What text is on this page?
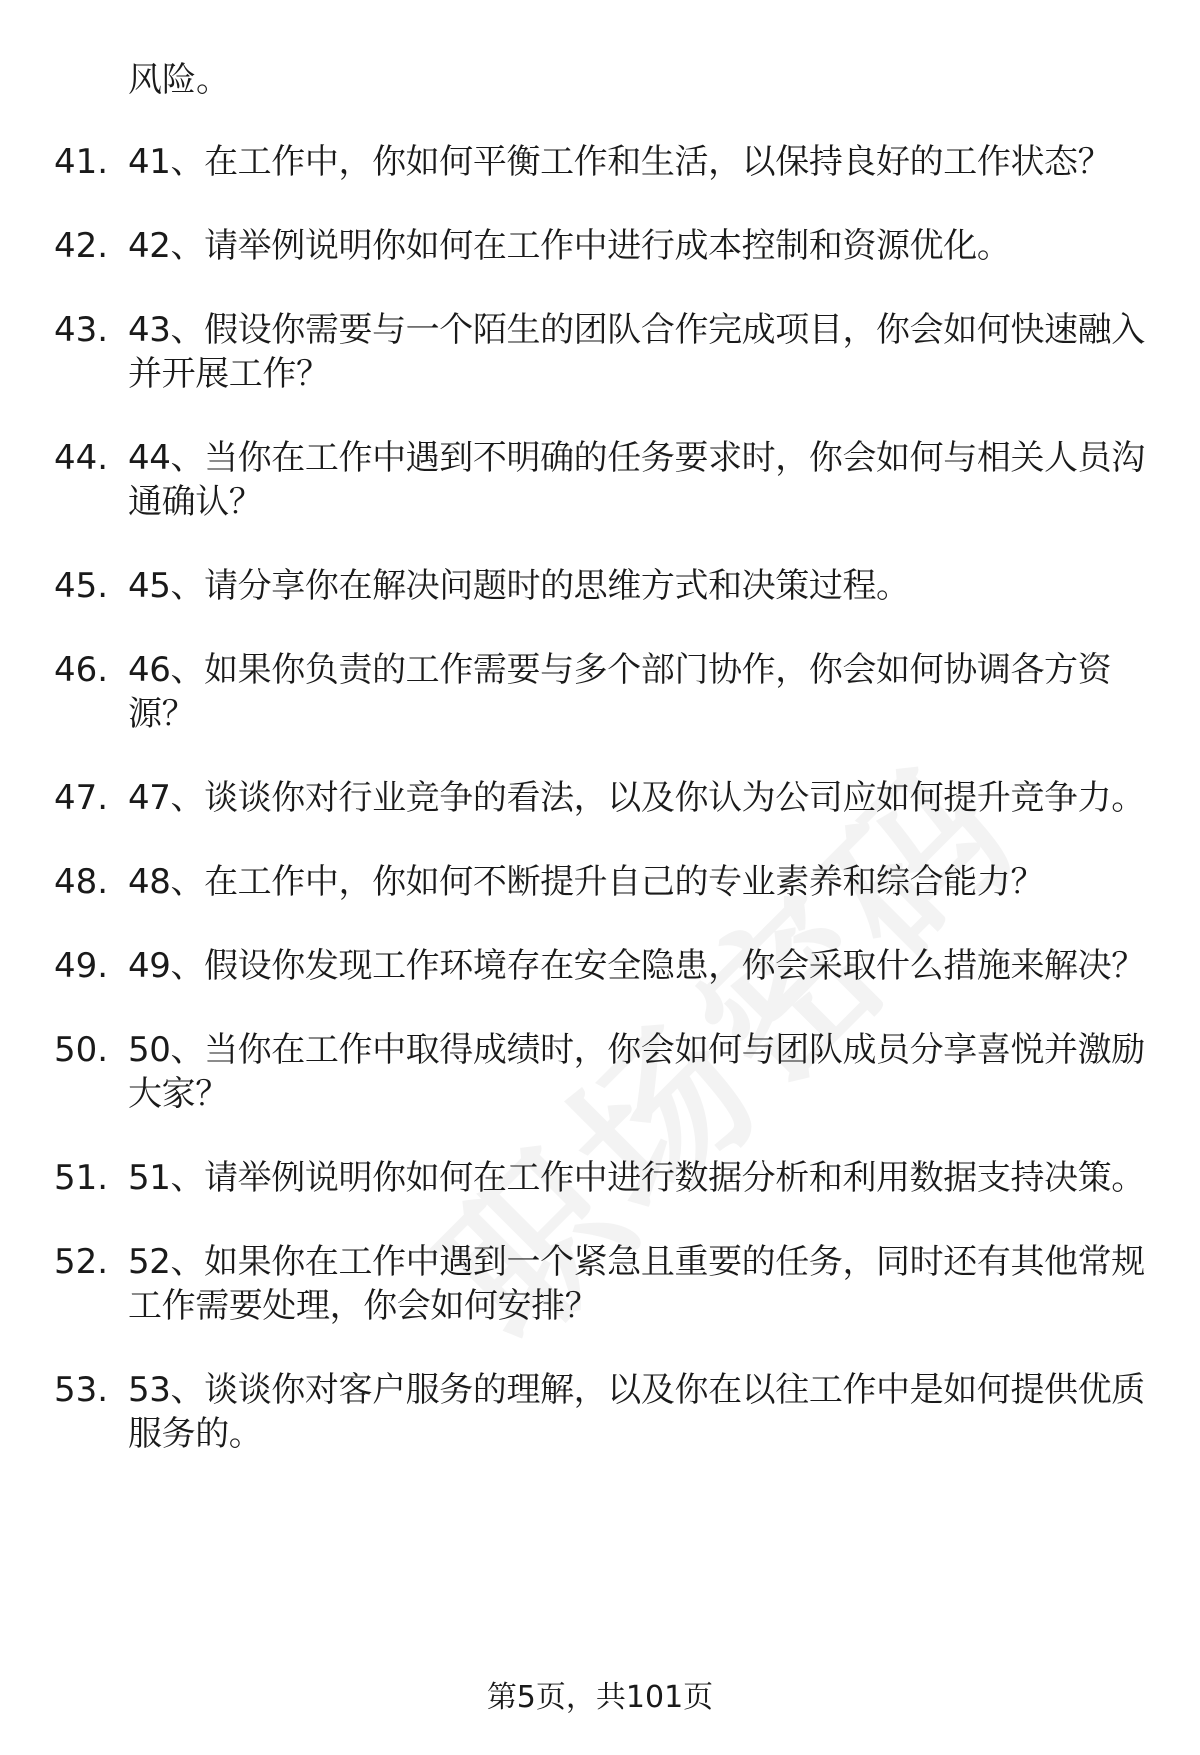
风险。
41. 41、在工作中，你如何平衡工作和生活，以保持良好的工作状态？
42. 42、请举例说明你如何在工作中进行成本控制和资源优化。
43. 43、假设你需要与一个陌生的团队合作完成项目，你会如何快速融入并开展工作？
44. 44、当你在工作中遇到不明确的任务要求时，你会如何与相关人员沟通确认？
45. 45、请分享你在解决问题时的思维方式和决策过程。
46. 46、如果你负责的工作需要与多个部门协作，你会如何协调各方资源？
47. 47、谈谈你对行业竞争的看法，以及你认为公司应如何提升竞争力。
48. 48、在工作中，你如何不断提升自己的专业素养和综合能力？
49. 49、假设你发现工作环境存在安全隐患，你会采取什么措施来解决？
50. 50、当你在工作中取得成绩时，你会如何与团队成员分享喜悦并激励大家？
51. 51、请举例说明你如何在工作中进行数据分析和利用数据支持决策。
52. 52、如果你在工作中遇到一个紧急且重要的任务，同时还有其他常规工作需要处理，你会如何安排？
53. 53、谈谈你对客户服务的理解，以及你在以往工作中是如何提供优质服务的。
第5页，共101页
